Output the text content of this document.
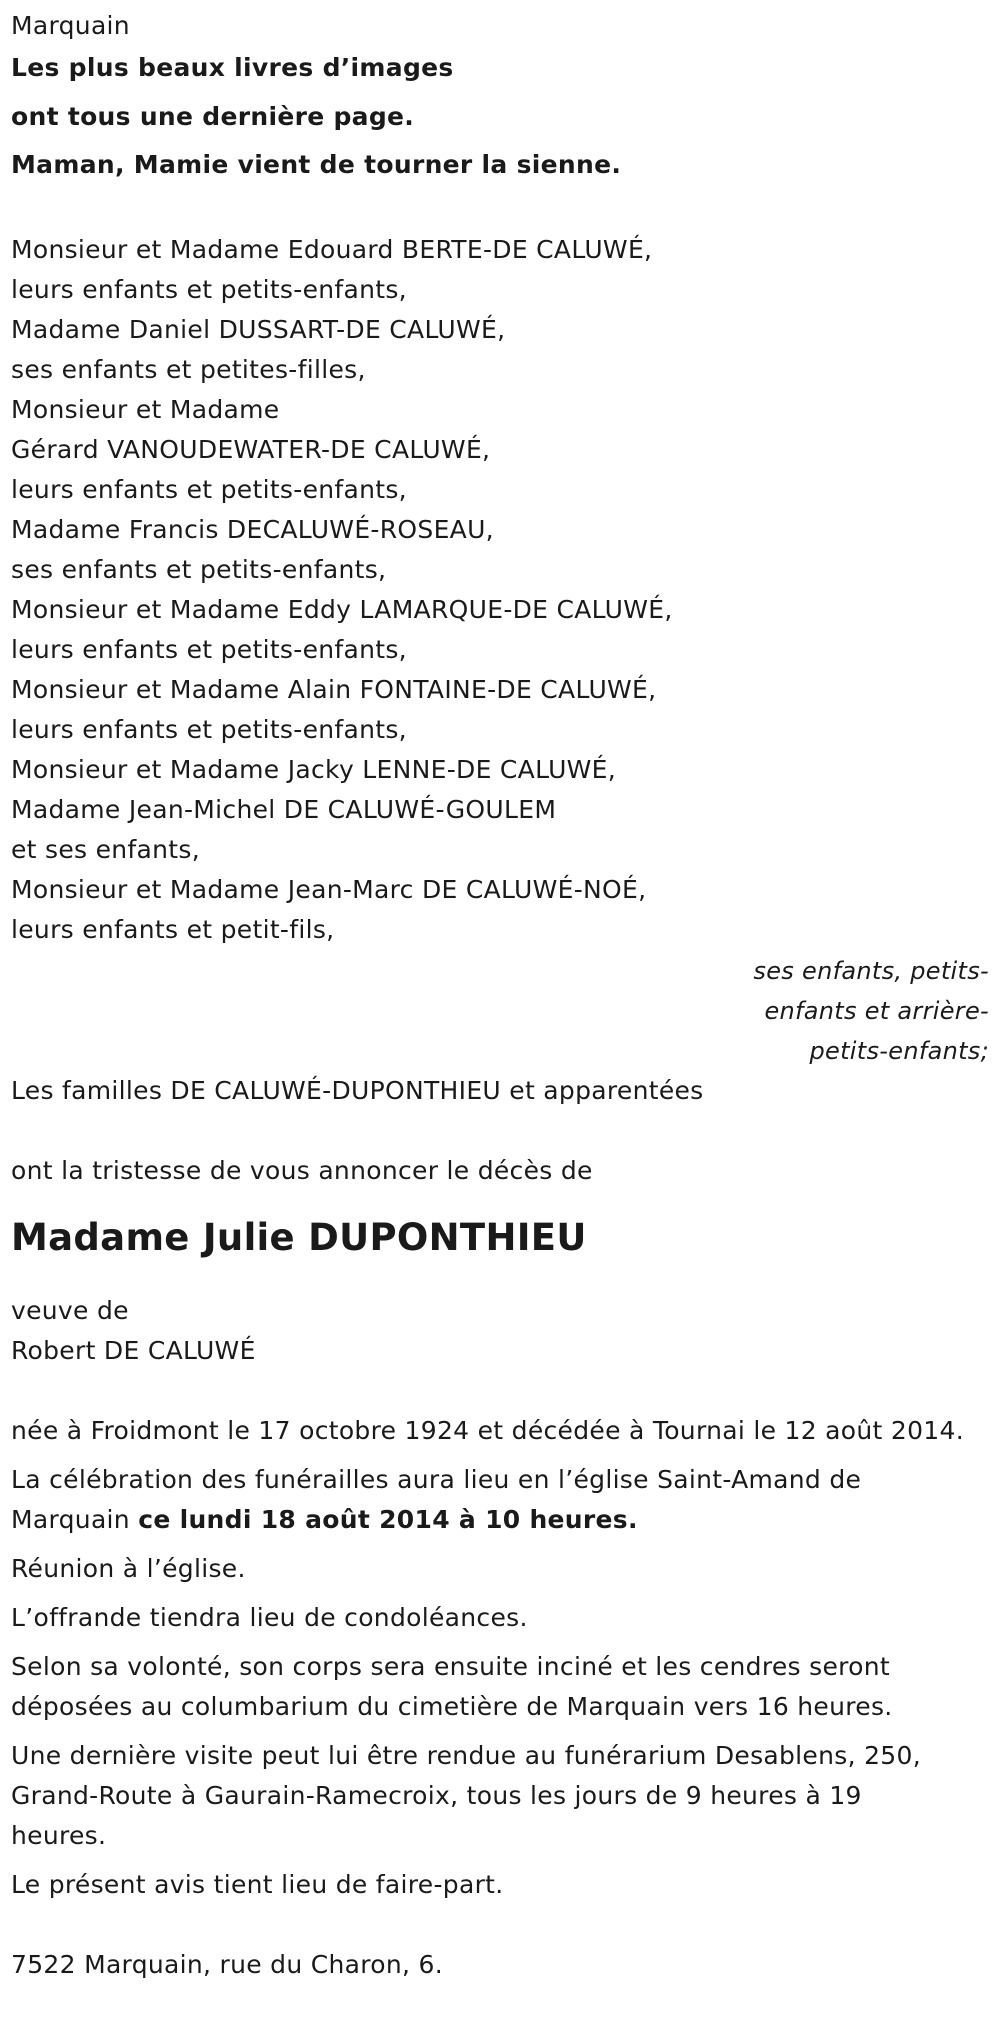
Marquain
Les plus beaux livres d’images
ont tous une dernière page.
Maman, Mamie vient de tourner la sienne.
Monsieur et Madame Edouard BERTE-DE CALUWÉ,
leurs enfants et petits-enfants,
Madame Daniel DUSSART-DE CALUWÉ,
ses enfants et petites-filles,
Monsieur et Madame
Gérard VANOUDEWATER-DE CALUWÉ,
leurs enfants et petits-enfants,
Madame Francis DECALUWÉ-ROSEAU,
ses enfants et petits-enfants,
Monsieur et Madame Eddy LAMARQUE-DE CALUWÉ,
leurs enfants et petits-enfants,
Monsieur et Madame Alain FONTAINE-DE CALUWÉ,
leurs enfants et petits-enfants,
Monsieur et Madame Jacky LENNE-DE CALUWÉ,
Madame Jean-Michel DE CALUWÉ-GOULEM
et ses enfants,
Monsieur et Madame Jean-Marc DE CALUWÉ-NOÉ,
leurs enfants et petit-fils,
ses enfants, petits-
enfants et arrière-
petits-enfants;
Les familles DE CALUWÉ-DUPONTHIEU et apparentées
ont la tristesse de vous annoncer le décès de
Madame Julie DUPONTHIEU
veuve de
Robert DE CALUWÉ
née à Froidmont le 17 octobre 1924 et décédée à Tournai le 12 août 2014.
La célébration des funérailles aura lieu en l’église Saint-Amand de
Marquain ce lundi 18 août 2014 à 10 heures.
Réunion à l’église.
L’offrande tiendra lieu de condoléances.
Selon sa volonté, son corps sera ensuite inciné et les cendres seront
déposées au columbarium du cimetière de Marquain vers 16 heures.
Une dernière visite peut lui être rendue au funérarium Desablens, 250,
Grand-Route à Gaurain-Ramecroix, tous les jours de 9 heures à 19
heures.
Le présent avis tient lieu de faire-part.
7522 Marquain, rue du Charon, 6.
